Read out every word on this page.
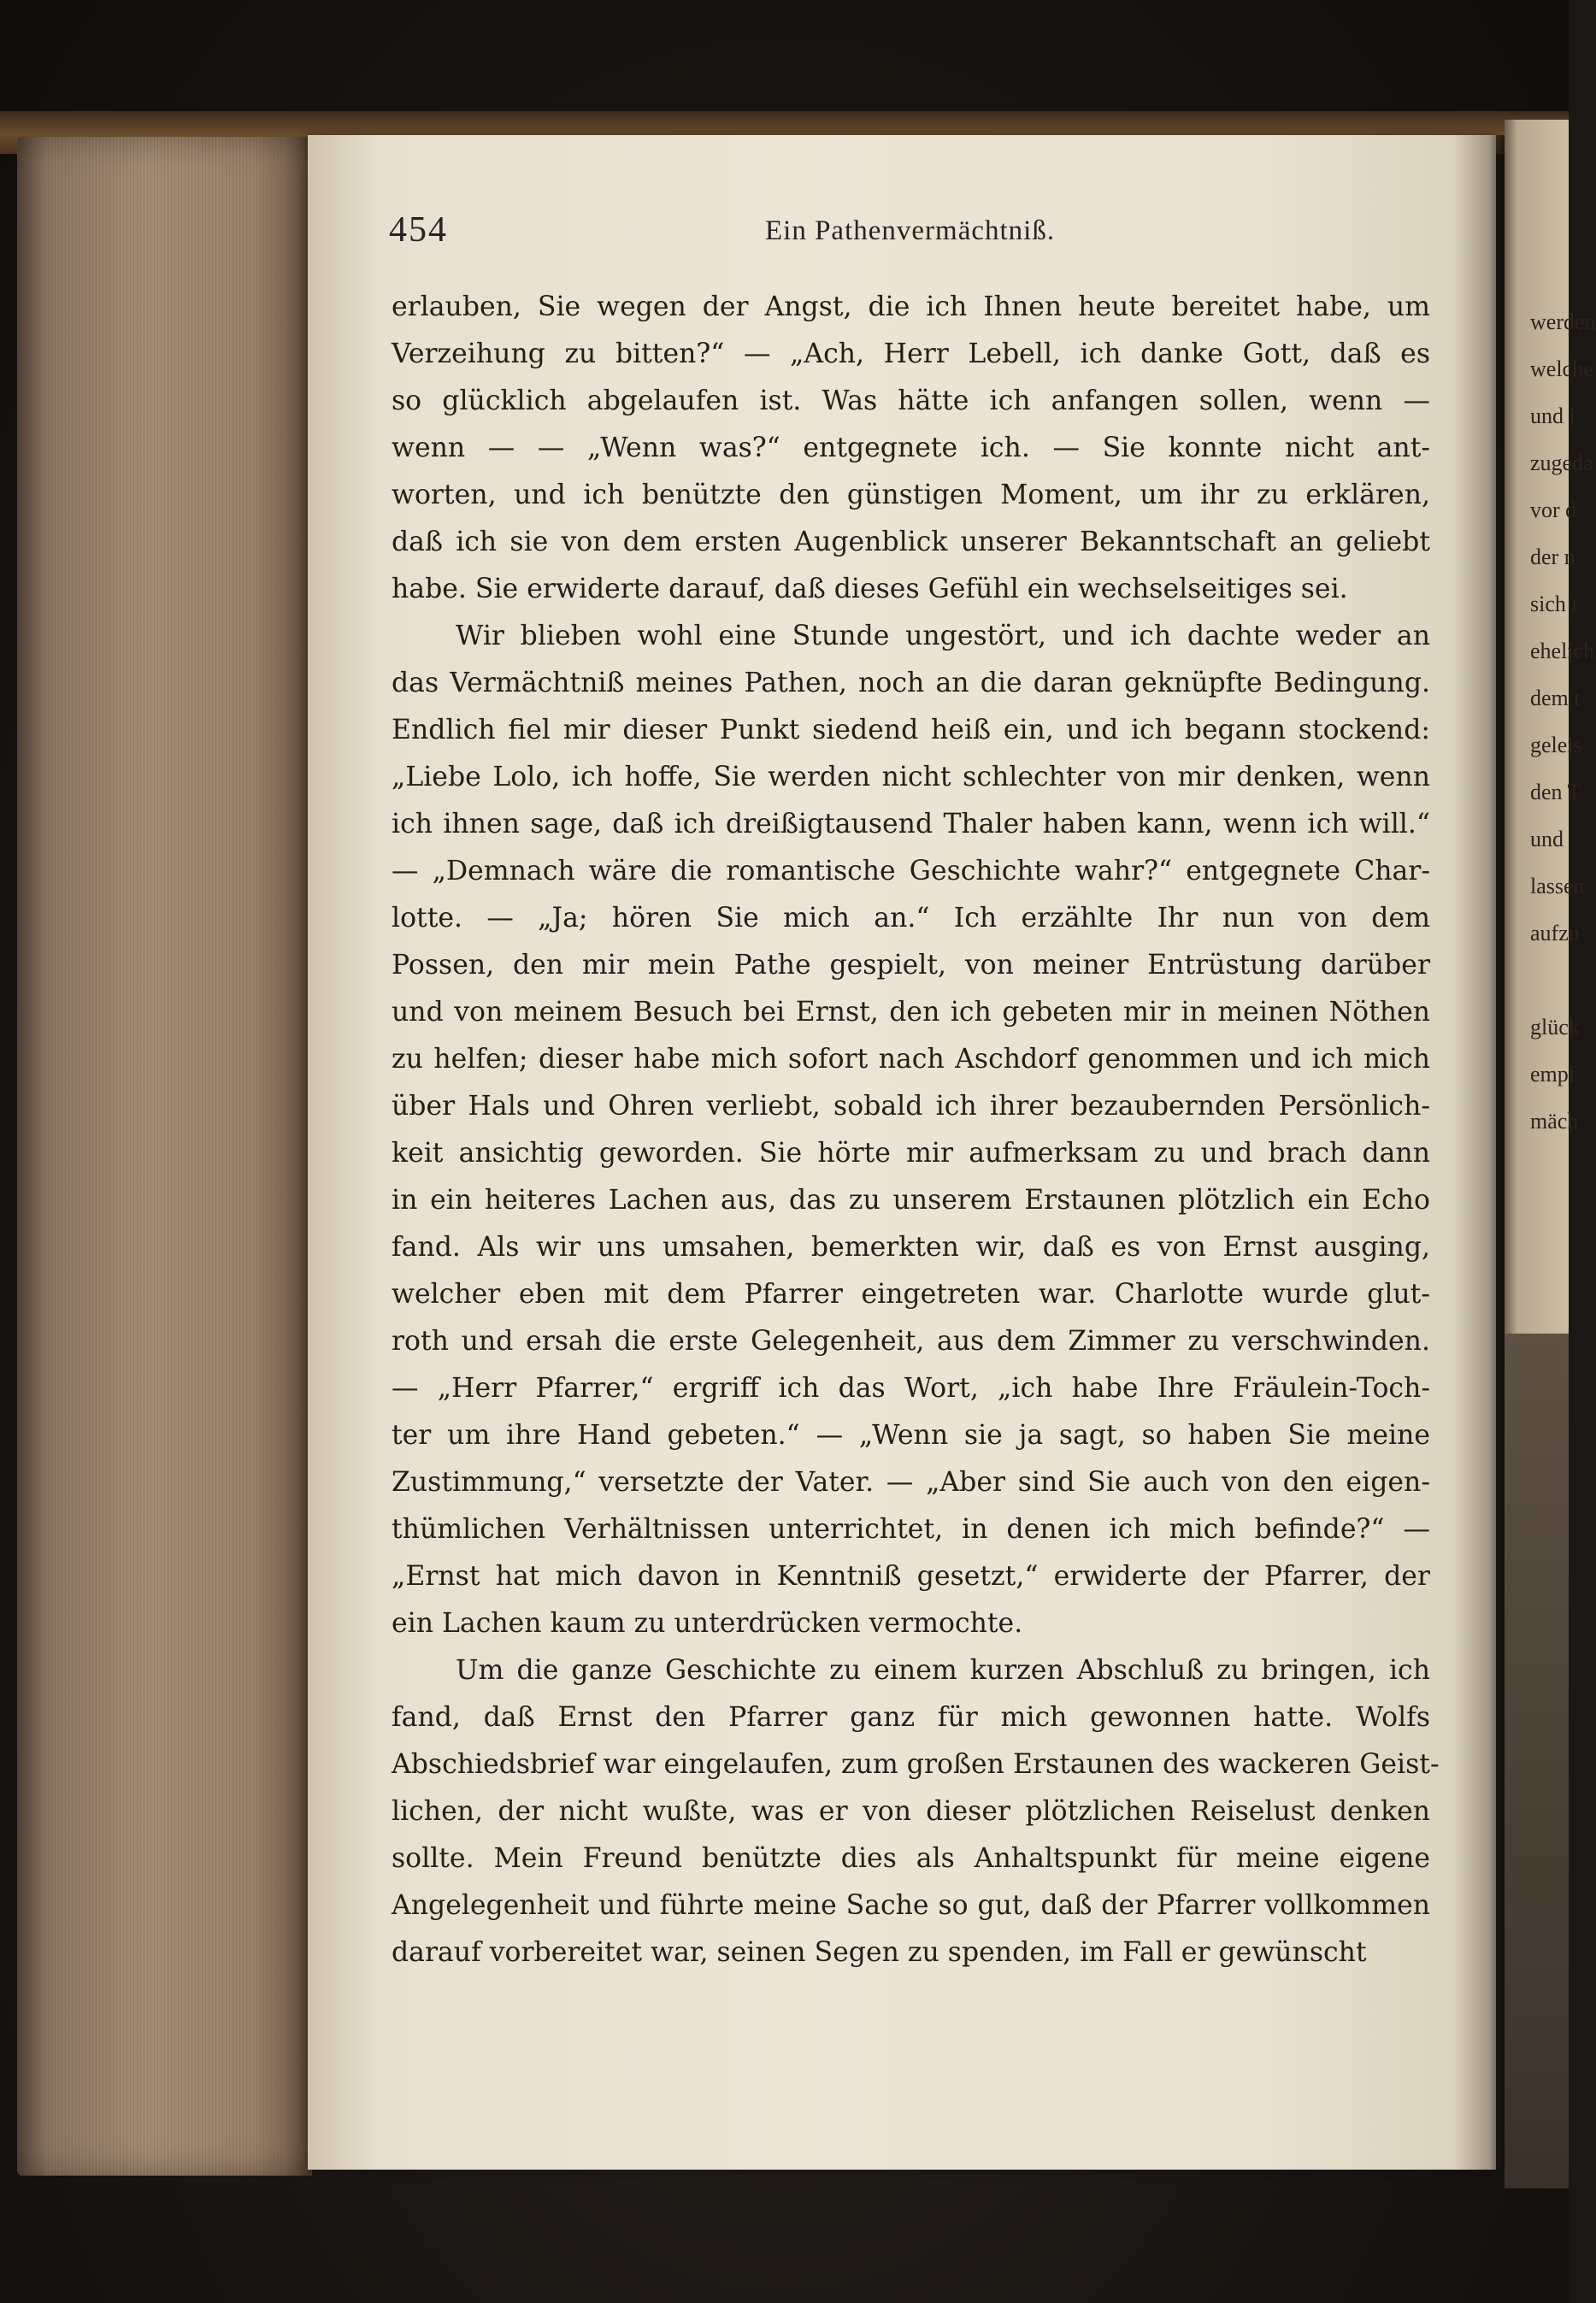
werden
welche
und i
zugeda
vor d
der n
sich i
ehelich
dem t
geleis
den T
und
lassen
aufzu
glück
empf
mäch
454	Ein Pathenvermächtniß.
erlauben, Sie wegen der Angst, die ich Ihnen heute bereitet habe, um
Verzeihung zu bitten?“ — „Ach, Herr Lebell, ich danke Gott, daß es
so glücklich abgelaufen ist. Was hätte ich anfangen sollen, wenn —
wenn — — „Wenn was?“ entgegnete ich. — Sie konnte nicht ant-
worten, und ich benützte den günstigen Moment, um ihr zu erklären,
daß ich sie von dem ersten Augenblick unserer Bekanntschaft an geliebt
habe. Sie erwiderte darauf, daß dieses Gefühl ein wechselseitiges sei.
Wir blieben wohl eine Stunde ungestört, und ich dachte weder an
das Vermächtniß meines Pathen, noch an die daran geknüpfte Bedingung.
Endlich fiel mir dieser Punkt siedend heiß ein, und ich begann stockend:
„Liebe Lolo, ich hoffe, Sie werden nicht schlechter von mir denken, wenn
ich ihnen sage, daß ich dreißigtausend Thaler haben kann, wenn ich will.“
— „Demnach wäre die romantische Geschichte wahr?“ entgegnete Char-
lotte. — „Ja; hören Sie mich an.“ Ich erzählte Ihr nun von dem
Possen, den mir mein Pathe gespielt, von meiner Entrüstung darüber
und von meinem Besuch bei Ernst, den ich gebeten mir in meinen Nöthen
zu helfen; dieser habe mich sofort nach Aschdorf genommen und ich mich
über Hals und Ohren verliebt, sobald ich ihrer bezaubernden Persönlich-
keit ansichtig geworden. Sie hörte mir aufmerksam zu und brach dann
in ein heiteres Lachen aus, das zu unserem Erstaunen plötzlich ein Echo
fand. Als wir uns umsahen, bemerkten wir, daß es von Ernst ausging,
welcher eben mit dem Pfarrer eingetreten war. Charlotte wurde glut-
roth und ersah die erste Gelegenheit, aus dem Zimmer zu verschwinden.
— „Herr Pfarrer,“ ergriff ich das Wort, „ich habe Ihre Fräulein-Toch-
ter um ihre Hand gebeten.“ — „Wenn sie ja sagt, so haben Sie meine
Zustimmung,“ versetzte der Vater. — „Aber sind Sie auch von den eigen-
thümlichen Verhältnissen unterrichtet, in denen ich mich befinde?“ —
„Ernst hat mich davon in Kenntniß gesetzt,“ erwiderte der Pfarrer, der
ein Lachen kaum zu unterdrücken vermochte.
Um die ganze Geschichte zu einem kurzen Abschluß zu bringen, ich
fand, daß Ernst den Pfarrer ganz für mich gewonnen hatte. Wolfs
Abschiedsbrief war eingelaufen, zum großen Erstaunen des wackeren Geist-
lichen, der nicht wußte, was er von dieser plötzlichen Reiselust denken
sollte. Mein Freund benützte dies als Anhaltspunkt für meine eigene
Angelegenheit und führte meine Sache so gut, daß der Pfarrer vollkommen
darauf vorbereitet war, seinen Segen zu spenden, im Fall er gewünscht
